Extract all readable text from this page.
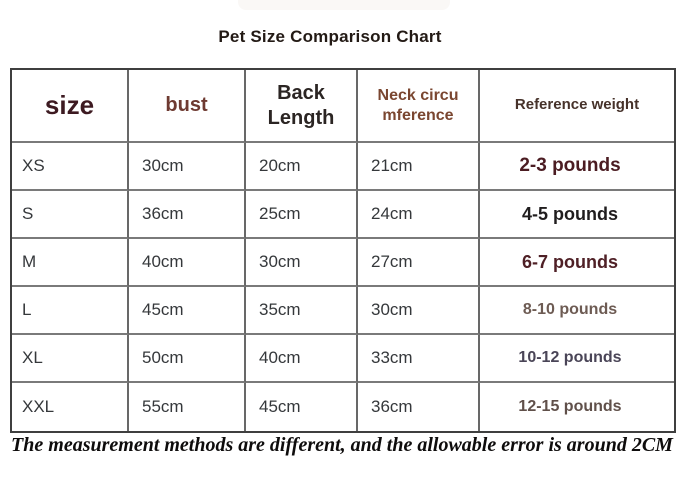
Pet Size Comparison Chart
size	bust	Back Length	Neck circu mference	Reference weight
XS	30cm	20cm	21cm	2-3 pounds
S	36cm	25cm	24cm	4-5 pounds
M	40cm	30cm	27cm	6-7 pounds
L	45cm	35cm	30cm	8-10 pounds
XL	50cm	40cm	33cm	10-12 pounds
XXL	55cm	45cm	36cm	12-15 pounds
The measurement methods are different, and the allowable error is around 2CM
